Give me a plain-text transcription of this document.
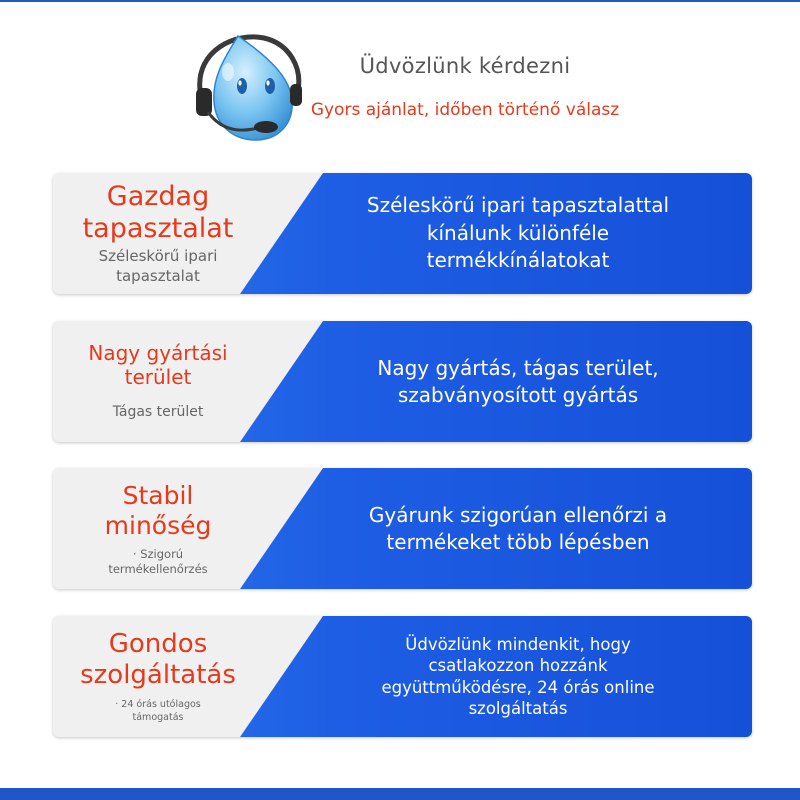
Üdvözlünk kérdezni
Gyors ajánlat, időben történő válasz
Gazdag tapasztalat
Széleskörű ipari tapasztalat
Széleskörű ipari tapasztalattal kínálunk különféle termékkínálatokat
Nagy gyártási terület
Tágas terület
Nagy gyártás, tágas terület, szabványosított gyártás
Stabil minőség
· Szigorú termékellenőrzés
Gyárunk szigorúan ellenőrzi a termékeket több lépésben
Gondos szolgáltatás
· 24 órás utólagos támogatás
Üdvözlünk mindenkit, hogy csatlakozzon hozzánk együttműködésre, 24 órás online szolgáltatás
